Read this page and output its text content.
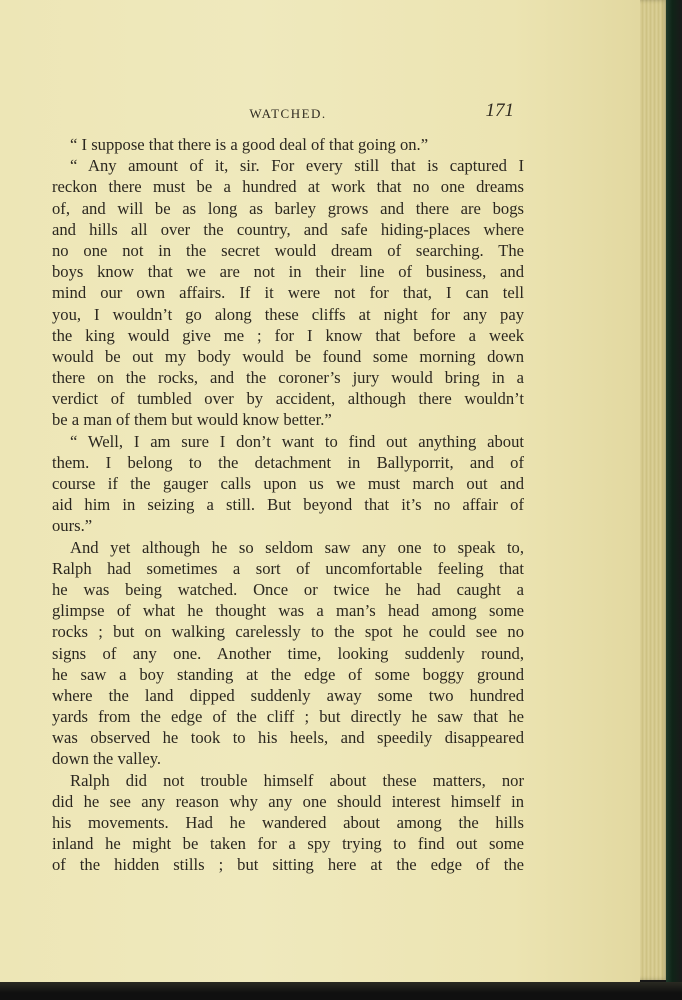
WATCHED.	171
“ I suppose that there is a good deal of that going on.”
“ Any amount of it, sir. For every still that is captured I
reckon there must be a hundred at work that no one dreams
of, and will be as long as barley grows and there are bogs
and hills all over the country, and safe hiding-places where
no one not in the secret would dream of searching. The
boys know that we are not in their line of business, and
mind our own affairs. If it were not for that, I can tell
you, I wouldn’t go along these cliffs at night for any pay
the king would give me ; for I know that before a week
would be out my body would be found some morning down
there on the rocks, and the coroner’s jury would bring in a
verdict of tumbled over by accident, although there wouldn’t
be a man of them but would know better.”
“ Well, I am sure I don’t want to find out anything about
them. I belong to the detachment in Ballyporrit, and of
course if the gauger calls upon us we must march out and
aid him in seizing a still. But beyond that it’s no affair of
ours.”
And yet although he so seldom saw any one to speak to,
Ralph had sometimes a sort of uncomfortable feeling that
he was being watched. Once or twice he had caught a
glimpse of what he thought was a man’s head among some
rocks ; but on walking carelessly to the spot he could see no
signs of any one. Another time, looking suddenly round,
he saw a boy standing at the edge of some boggy ground
where the land dipped suddenly away some two hundred
yards from the edge of the cliff ; but directly he saw that he
was observed he took to his heels, and speedily disappeared
down the valley.
Ralph did not trouble himself about these matters, nor
did he see any reason why any one should interest himself in
his movements. Had he wandered about among the hills
inland he might be taken for a spy trying to find out some
of the hidden stills ; but sitting here at the edge of the
